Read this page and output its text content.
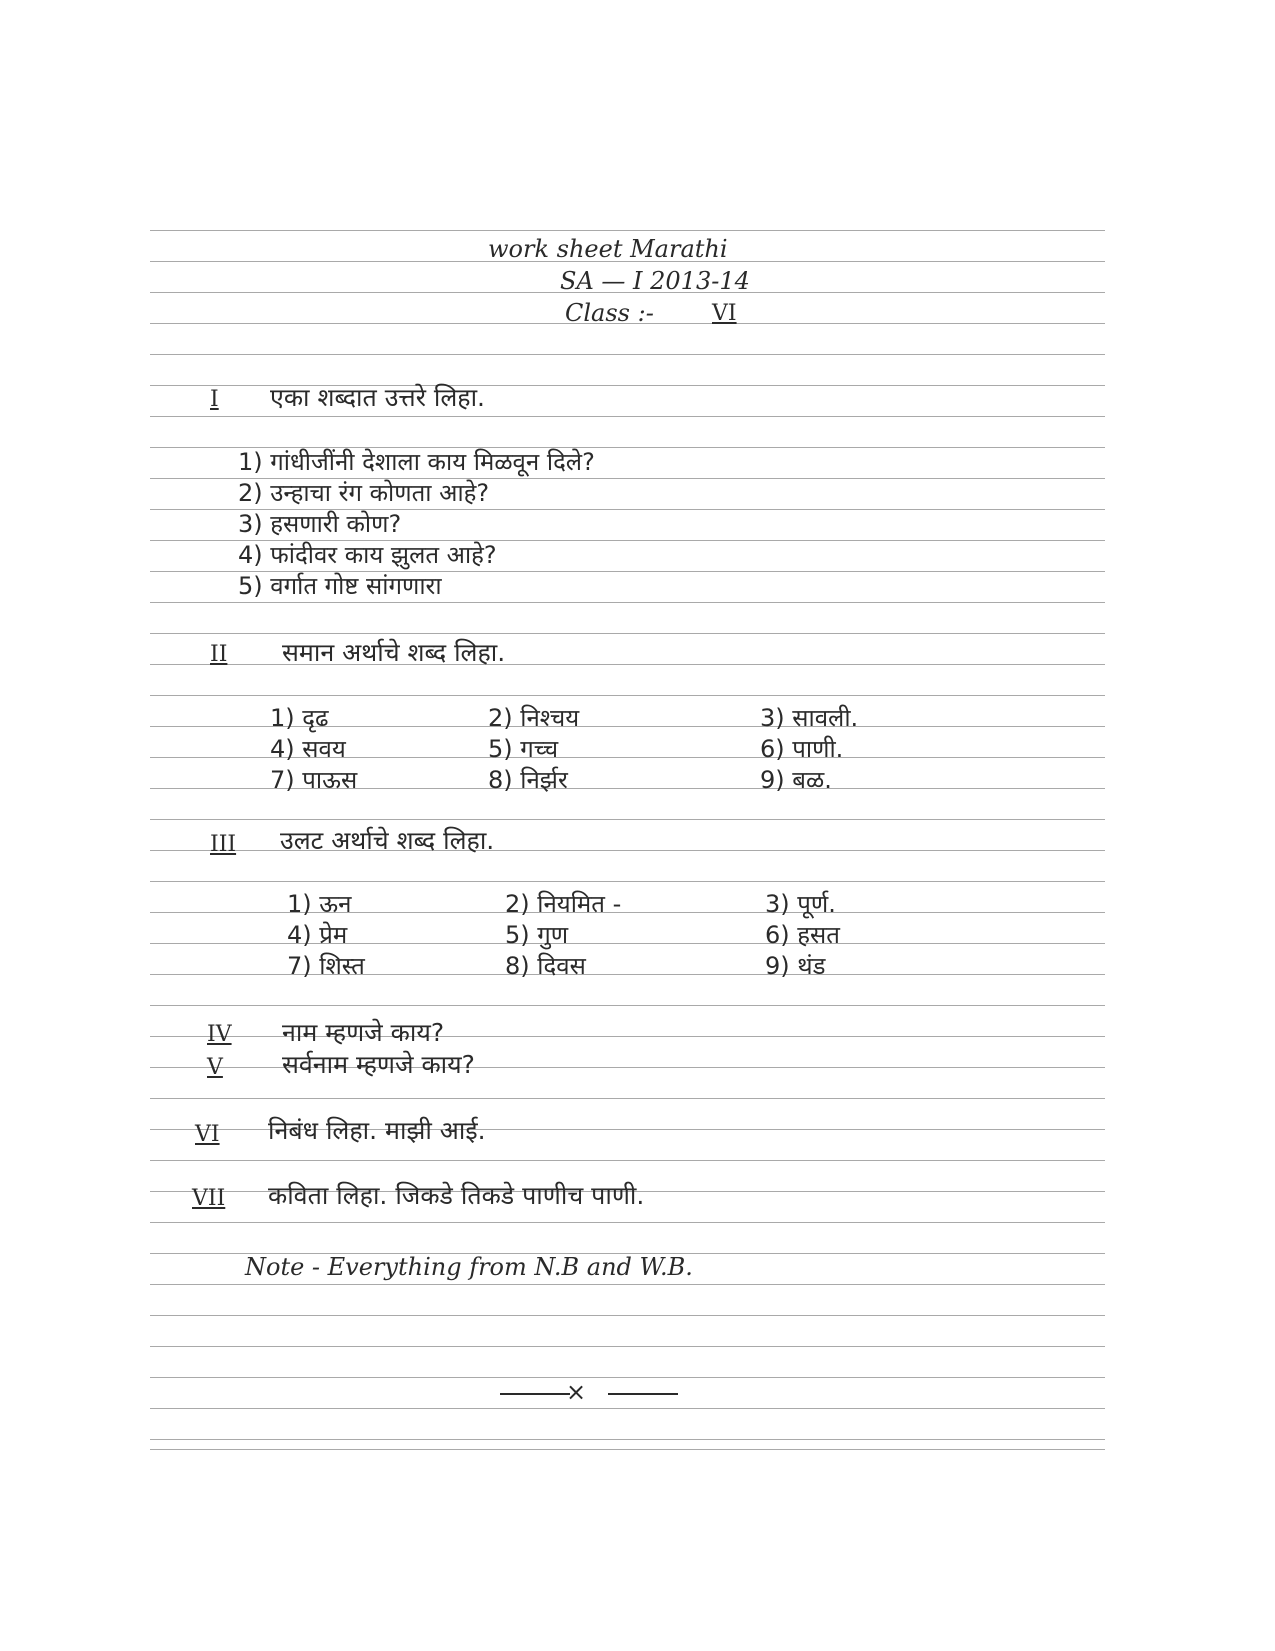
work sheet Marathi
SA — I 2013-14
Class :-	VI
I एका शब्दात उत्तरे लिहा.
1) गांधीजींनी देशाला काय मिळवून दिले?
2) उन्हाचा रंग कोणता आहे?
3) हसणारी कोण?
4) फांदीवर काय झुलत आहे?
5) वर्गात गोष्ट सांगणारा
II समान अर्थाचे शब्द लिहा.
1) दृढ	2) निश्चय	3) सावली.
4) सवय	5) गच्च	6) पाणी.
7) पाऊस	8) निर्झर	9) बळ.
III उलट अर्थाचे शब्द लिहा.
1) ऊन	2) नियमित -	3) पूर्ण.
4) प्रेम	5) गुण	6) हसत
7) शिस्त	8) दिवस	9) थंड
IV नाम म्हणजे काय?
V सर्वनाम म्हणजे काय?
VI निबंध लिहा. माझी आई.
VII कविता लिहा. जिकडे तिकडे पाणीच पाणी.
Note - Everything from N.B and W.B.
×
